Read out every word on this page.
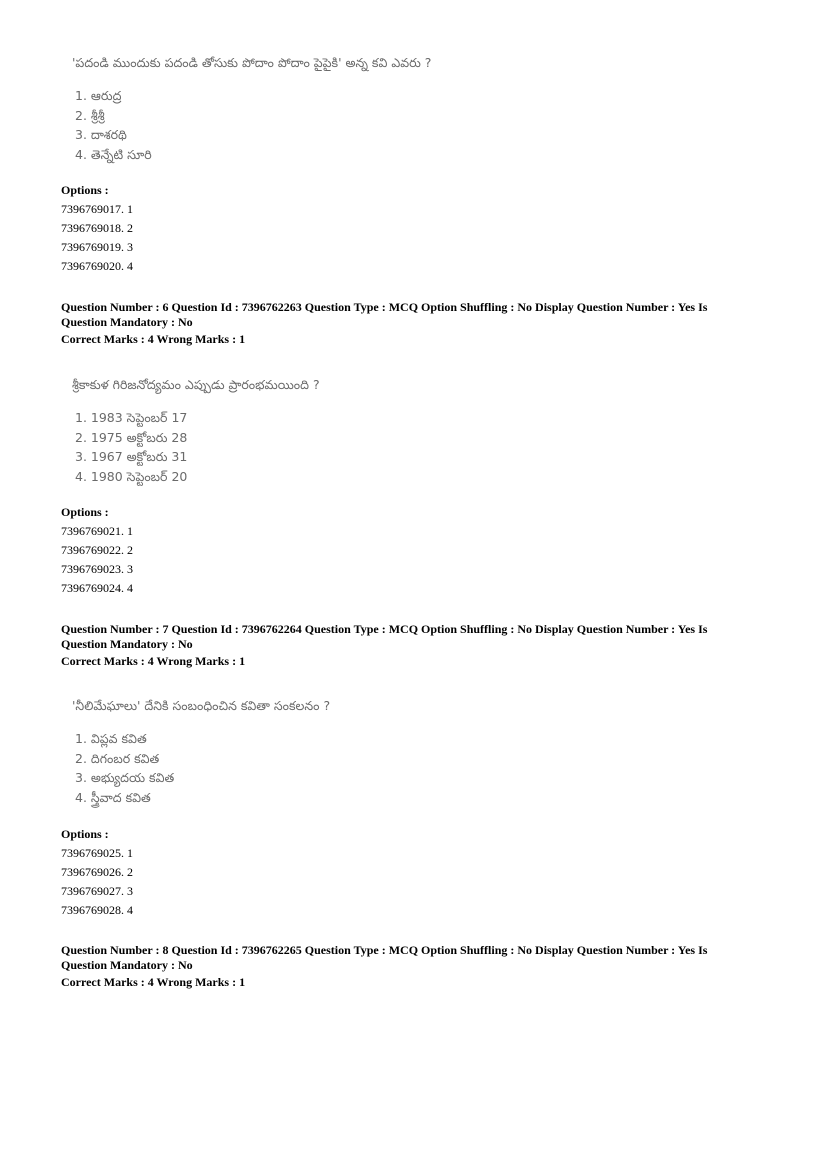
'పదండి ముందుకు పదండి తోసుకు పోదాం పోదాం పైపైకి' అన్న కవి ఎవరు ?
1. ఆరుద్ర
2. శ్రీశ్రీ
3. దాశరథి
4. తెన్నేటి సూరి
Options :
7396769017. 1
7396769018. 2
7396769019. 3
7396769020. 4
Question Number : 6 Question Id : 7396762263 Question Type : MCQ Option Shuffling : No Display Question Number : Yes Is
Question Mandatory : No
Correct Marks : 4 Wrong Marks : 1
శ్రీకాకుళ గిరిజనోద్యమం ఎప్పుడు ప్రారంభమయింది ?
1. 1983 సెప్టెంబర్ 17
2. 1975 అక్టోబరు 28
3. 1967 అక్టోబరు 31
4. 1980 సెప్టెంబర్ 20
Options :
7396769021. 1
7396769022. 2
7396769023. 3
7396769024. 4
Question Number : 7 Question Id : 7396762264 Question Type : MCQ Option Shuffling : No Display Question Number : Yes Is
Question Mandatory : No
Correct Marks : 4 Wrong Marks : 1
'నీలిమేఘాలు' దేనికి సంబంధించిన కవితా సంకలనం ?
1. విప్లవ కవిత
2. దిగంబర కవిత
3. అభ్యుదయ కవిత
4. స్త్రీవాద కవిత
Options :
7396769025. 1
7396769026. 2
7396769027. 3
7396769028. 4
Question Number : 8 Question Id : 7396762265 Question Type : MCQ Option Shuffling : No Display Question Number : Yes Is
Question Mandatory : No
Correct Marks : 4 Wrong Marks : 1
